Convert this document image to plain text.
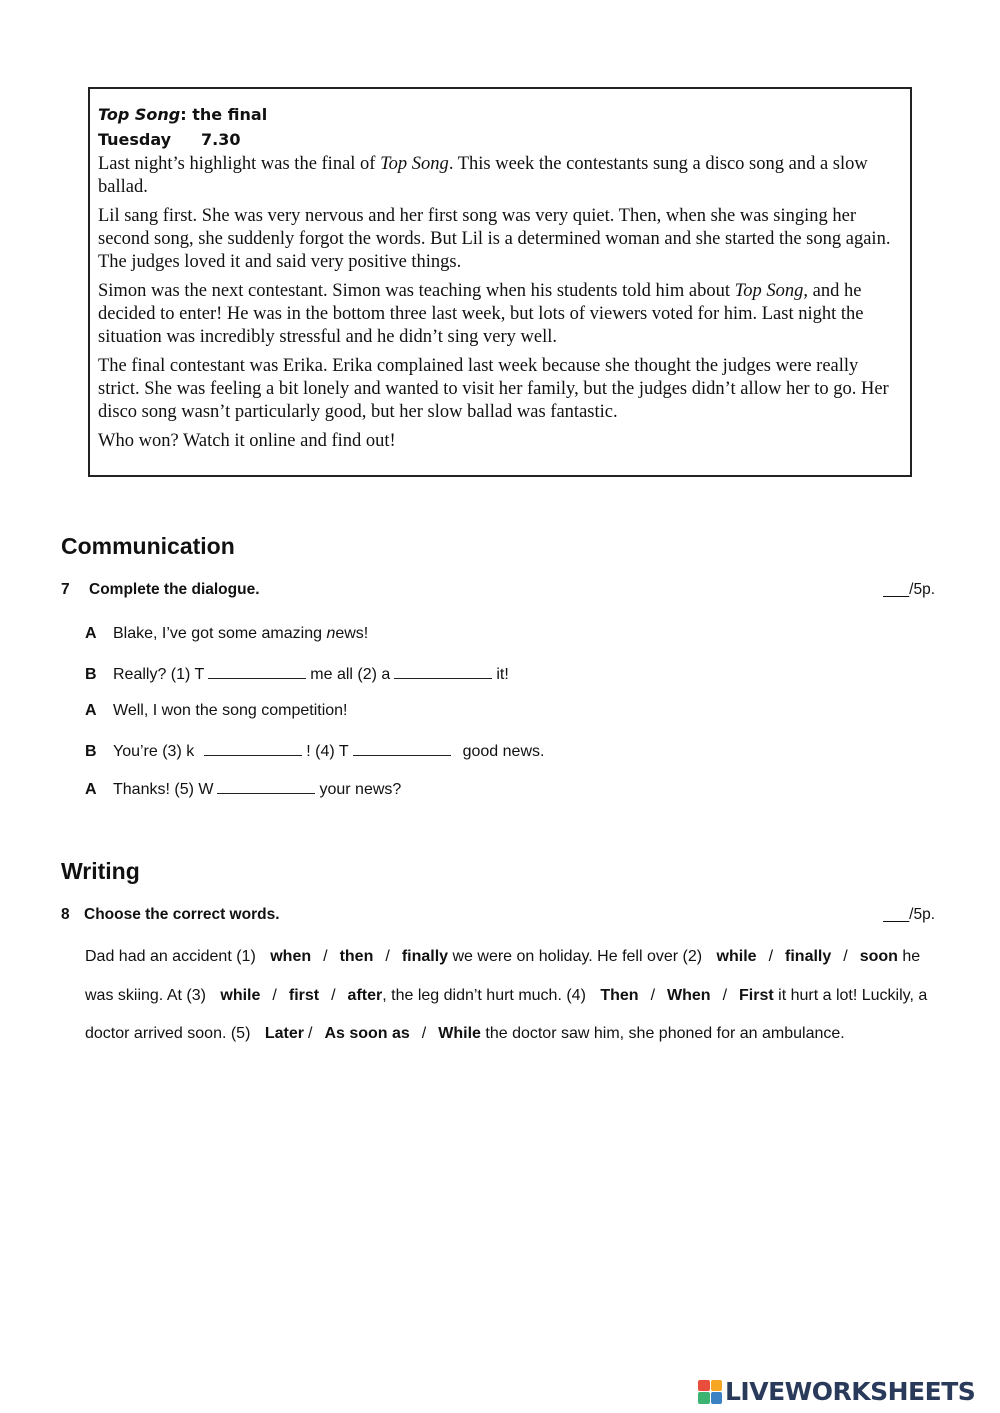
Top Song: the final

Tuesday 7.30

Last night’s highlight was the final of Top Song. This week the contestants sung a disco song and a slow ballad.

Lil sang first. She was very nervous and her first song was very quiet. Then, when she was singing her second song, she suddenly forgot the words. But Lil is a determined woman and she started the song again. The judges loved it and said very positive things.

Simon was the next contestant. Simon was teaching when his students told him about Top Song, and he decided to enter! He was in the bottom three last week, but lots of viewers voted for him. Last night the situation was incredibly stressful and he didn’t sing very well.

The final contestant was Erika. Erika complained last week because she thought the judges were really strict. She was feeling a bit lonely and wanted to visit her family, but the judges didn’t allow her to go. Her disco song wasn’t particularly good, but her slow ballad was fantastic.

Who won? Watch it online and find out!

Communication
7 Complete the dialogue.	___/5p.
A Blake, I’ve got some amazing news!
B Really? (1) T	me all (2) a	it!
A Well, I won the song competition!
B You’re (3) k	! (4) T	good news.
A Thanks! (5) W	your news?
Writing
8 Choose the correct words.	___/5p.
Dad had an accident (1) when / then / finally we were on holiday. He fell over (2) while / finally / soon he was skiing. At (3) while / first / after, the leg didn’t hurt much. (4) Then / When / First it hurt a lot! Luckily, a doctor arrived soon. (5) Later / As soon as / While the doctor saw him, she phoned for an ambulance.
LIVEWORKSHEETS
